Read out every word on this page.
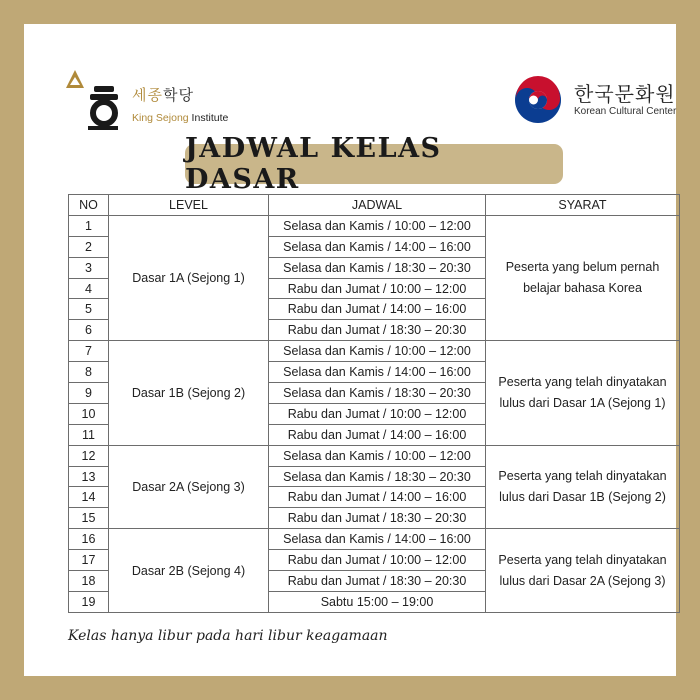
세종학당
King Sejong Institute
한국문화원
Korean Cultural Center
JADWAL KELAS DASAR
NO	LEVEL	JADWAL	SYARAT
1	Dasar 1A (Sejong 1)	Selasa dan Kamis / 10:00 – 12:00	Peserta yang belum pernah
belajar bahasa Korea
2		Selasa dan Kamis / 14:00 – 16:00	
3		Selasa dan Kamis / 18:30 – 20:30	
4		Rabu dan Jumat / 10:00 – 12:00	
5		Rabu dan Jumat / 14:00 – 16:00	
6		Rabu dan Jumat / 18:30 – 20:30	
7	Dasar 1B (Sejong 2)	Selasa dan Kamis / 10:00 – 12:00	Peserta yang telah dinyatakan
lulus dari Dasar 1A (Sejong 1)
8		Selasa dan Kamis / 14:00 – 16:00	
9		Selasa dan Kamis / 18:30 – 20:30	
10		Rabu dan Jumat / 10:00 – 12:00	
11		Rabu dan Jumat / 14:00 – 16:00	
12	Dasar 2A (Sejong 3)	Selasa dan Kamis / 10:00 – 12:00	Peserta yang telah dinyatakan
lulus dari Dasar 1B (Sejong 2)
13		Selasa dan Kamis / 18:30 – 20:30	
14		Rabu dan Jumat / 14:00 – 16:00	
15		Rabu dan Jumat / 18:30 – 20:30	
16	Dasar 2B (Sejong 4)	Selasa dan Kamis / 14:00 – 16:00	Peserta yang telah dinyatakan
lulus dari Dasar 2A (Sejong 3)
17		Rabu dan Jumat / 10:00 – 12:00	
18		Rabu dan Jumat / 18:30 – 20:30	
19		Sabtu 15:00 – 19:00	
Kelas hanya libur pada hari libur keagamaan
